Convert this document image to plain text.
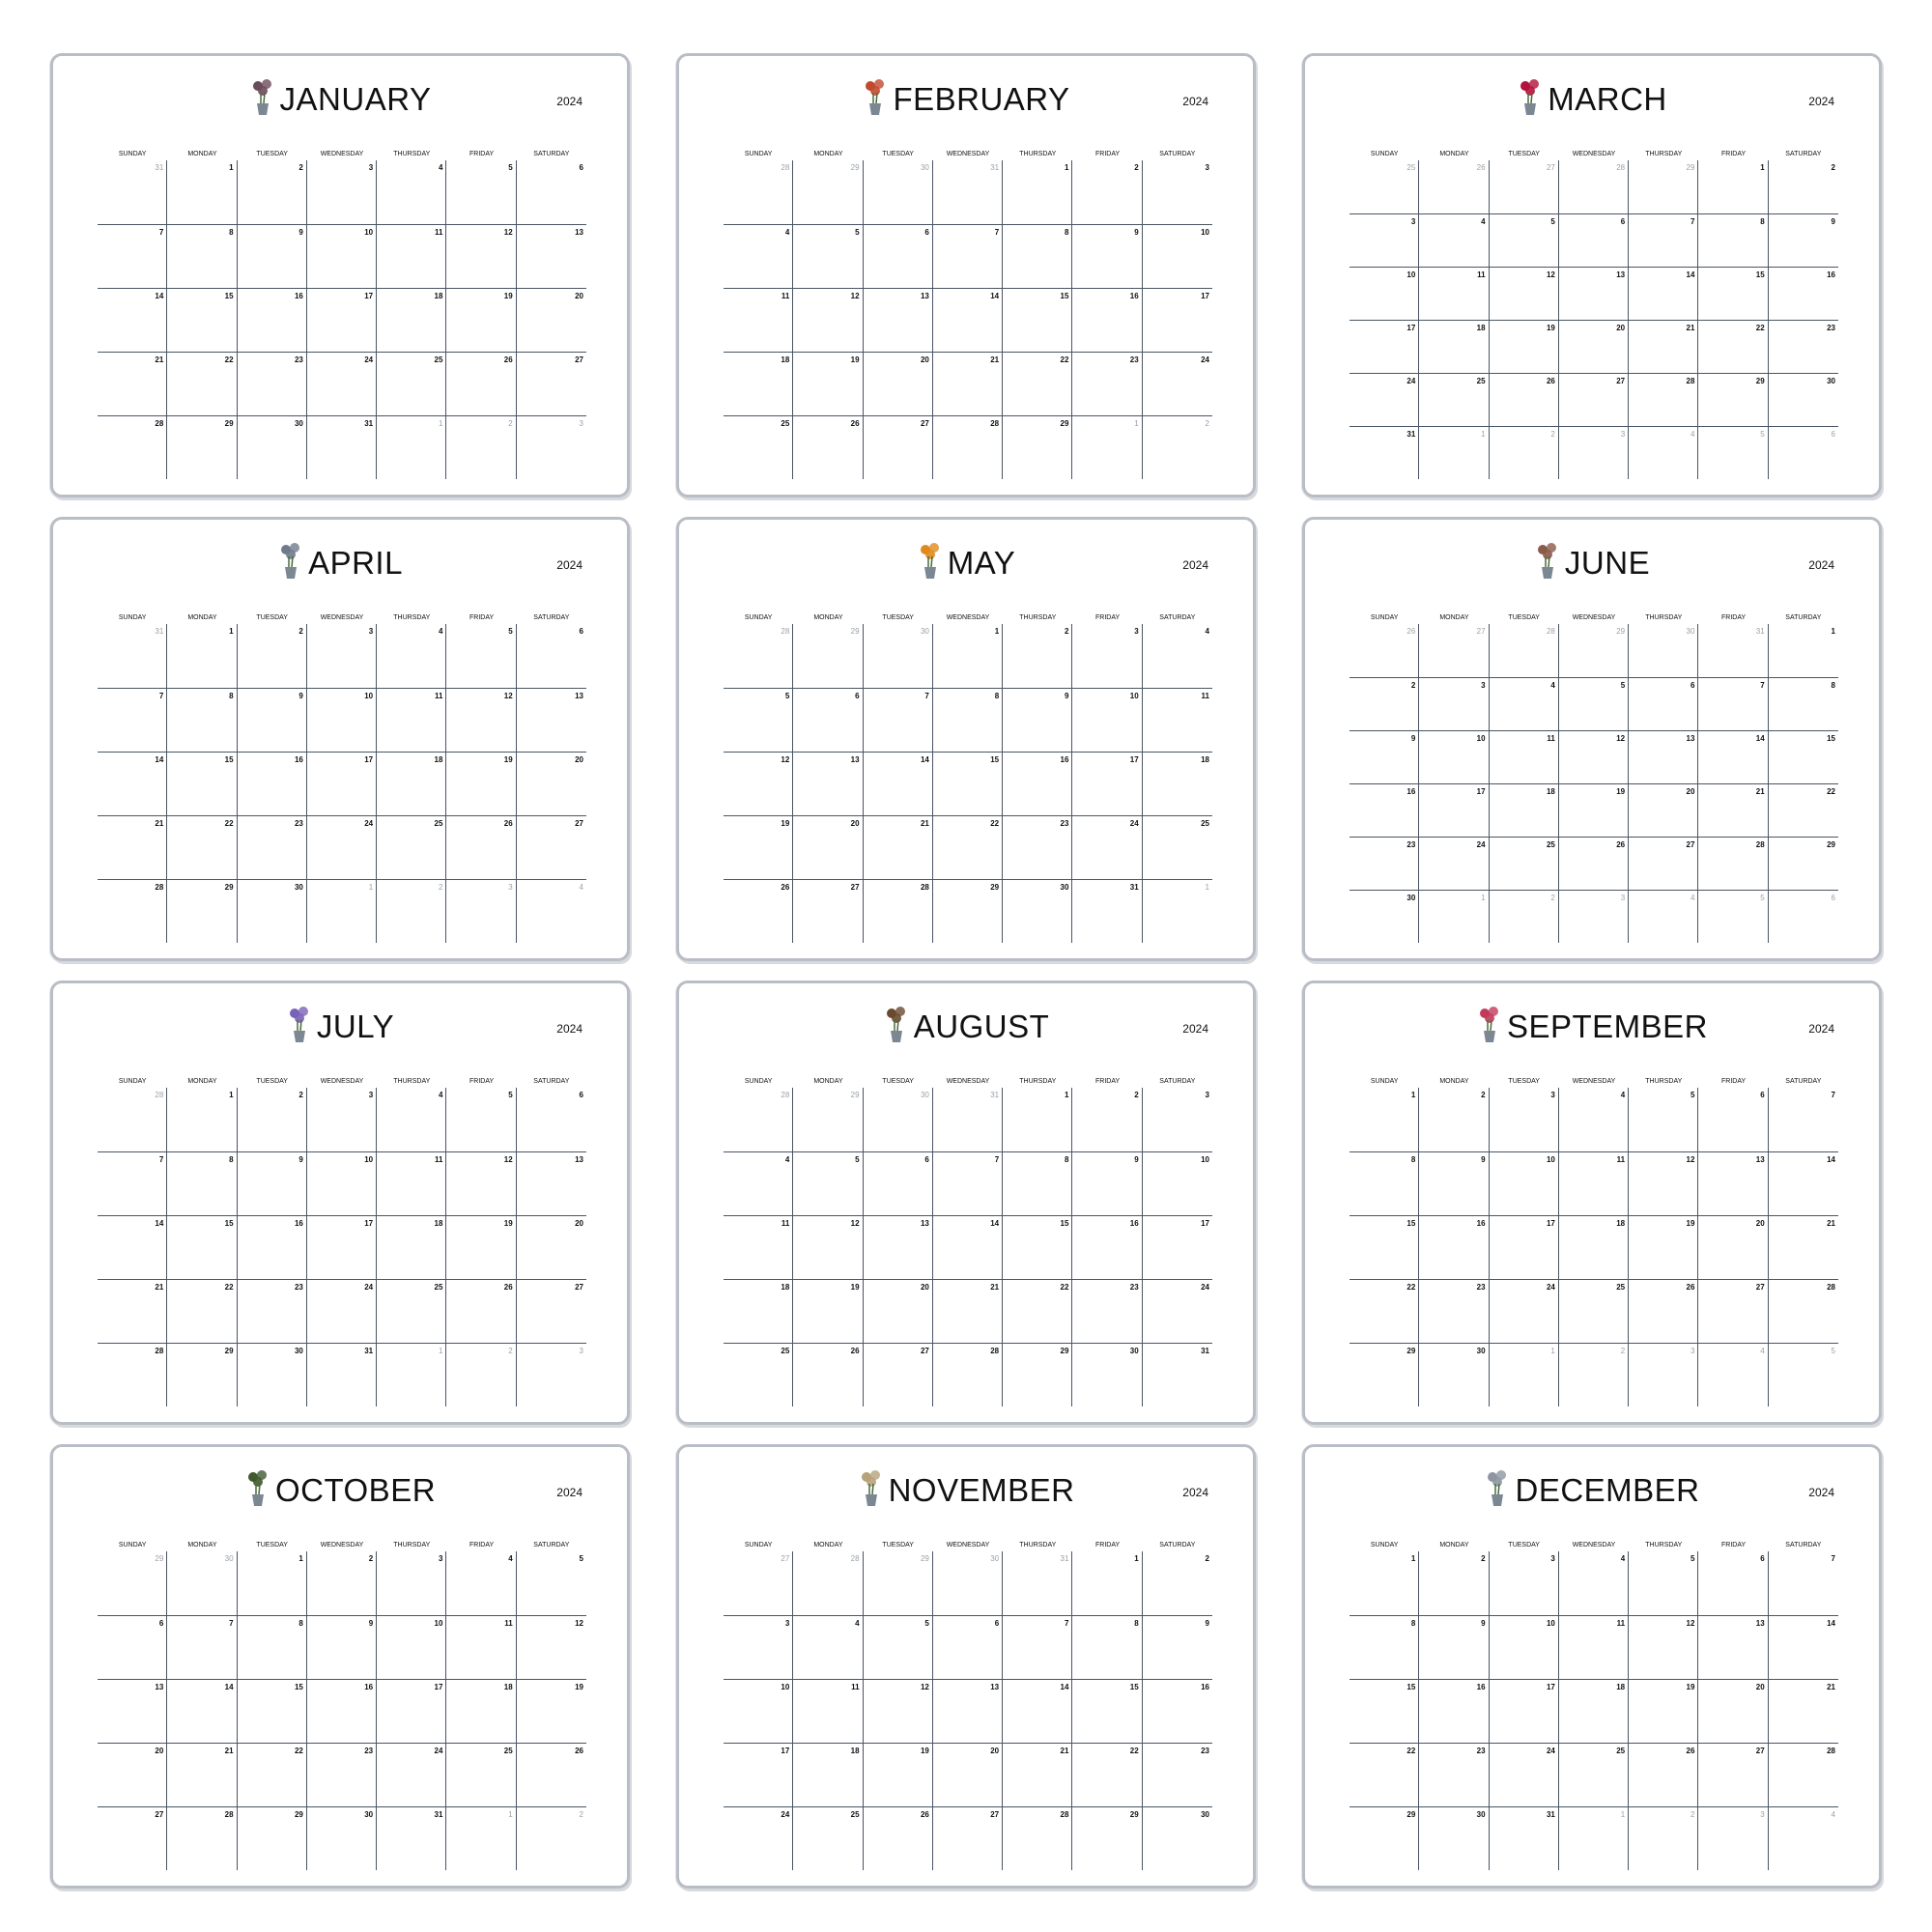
JANUARY	2024
SUNDAY	MONDAY	TUESDAY	WEDNESDAY	THURSDAY	FRIDAY	SATURDAY
31	1	2	3	4	5	6
7	8	9	10	11	12	13
14	15	16	17	18	19	20
21	22	23	24	25	26	27
28	29	30	31	1	2	3
FEBRUARY	2024
SUNDAY	MONDAY	TUESDAY	WEDNESDAY	THURSDAY	FRIDAY	SATURDAY
28	29	30	31	1	2	3
4	5	6	7	8	9	10
11	12	13	14	15	16	17
18	19	20	21	22	23	24
25	26	27	28	29	1	2
MARCH	2024
SUNDAY	MONDAY	TUESDAY	WEDNESDAY	THURSDAY	FRIDAY	SATURDAY
25	26	27	28	29	1	2
3	4	5	6	7	8	9
10	11	12	13	14	15	16
17	18	19	20	21	22	23
24	25	26	27	28	29	30
31	1	2	3	4	5	6
APRIL	2024
SUNDAY	MONDAY	TUESDAY	WEDNESDAY	THURSDAY	FRIDAY	SATURDAY
31	1	2	3	4	5	6
7	8	9	10	11	12	13
14	15	16	17	18	19	20
21	22	23	24	25	26	27
28	29	30	1	2	3	4
MAY	2024
SUNDAY	MONDAY	TUESDAY	WEDNESDAY	THURSDAY	FRIDAY	SATURDAY
28	29	30	1	2	3	4
5	6	7	8	9	10	11
12	13	14	15	16	17	18
19	20	21	22	23	24	25
26	27	28	29	30	31	1
JUNE	2024
SUNDAY	MONDAY	TUESDAY	WEDNESDAY	THURSDAY	FRIDAY	SATURDAY
26	27	28	29	30	31	1
2	3	4	5	6	7	8
9	10	11	12	13	14	15
16	17	18	19	20	21	22
23	24	25	26	27	28	29
30	1	2	3	4	5	6
JULY	2024
SUNDAY	MONDAY	TUESDAY	WEDNESDAY	THURSDAY	FRIDAY	SATURDAY
28	1	2	3	4	5	6
7	8	9	10	11	12	13
14	15	16	17	18	19	20
21	22	23	24	25	26	27
28	29	30	31	1	2	3
AUGUST	2024
SUNDAY	MONDAY	TUESDAY	WEDNESDAY	THURSDAY	FRIDAY	SATURDAY
28	29	30	31	1	2	3
4	5	6	7	8	9	10
11	12	13	14	15	16	17
18	19	20	21	22	23	24
25	26	27	28	29	30	31
SEPTEMBER	2024
SUNDAY	MONDAY	TUESDAY	WEDNESDAY	THURSDAY	FRIDAY	SATURDAY
1	2	3	4	5	6	7
8	9	10	11	12	13	14
15	16	17	18	19	20	21
22	23	24	25	26	27	28
29	30	1	2	3	4	5
OCTOBER	2024
SUNDAY	MONDAY	TUESDAY	WEDNESDAY	THURSDAY	FRIDAY	SATURDAY
29	30	1	2	3	4	5
6	7	8	9	10	11	12
13	14	15	16	17	18	19
20	21	22	23	24	25	26
27	28	29	30	31	1	2
NOVEMBER	2024
SUNDAY	MONDAY	TUESDAY	WEDNESDAY	THURSDAY	FRIDAY	SATURDAY
27	28	29	30	31	1	2
3	4	5	6	7	8	9
10	11	12	13	14	15	16
17	18	19	20	21	22	23
24	25	26	27	28	29	30
DECEMBER	2024
SUNDAY	MONDAY	TUESDAY	WEDNESDAY	THURSDAY	FRIDAY	SATURDAY
1	2	3	4	5	6	7
8	9	10	11	12	13	14
15	16	17	18	19	20	21
22	23	24	25	26	27	28
29	30	31	1	2	3	4
